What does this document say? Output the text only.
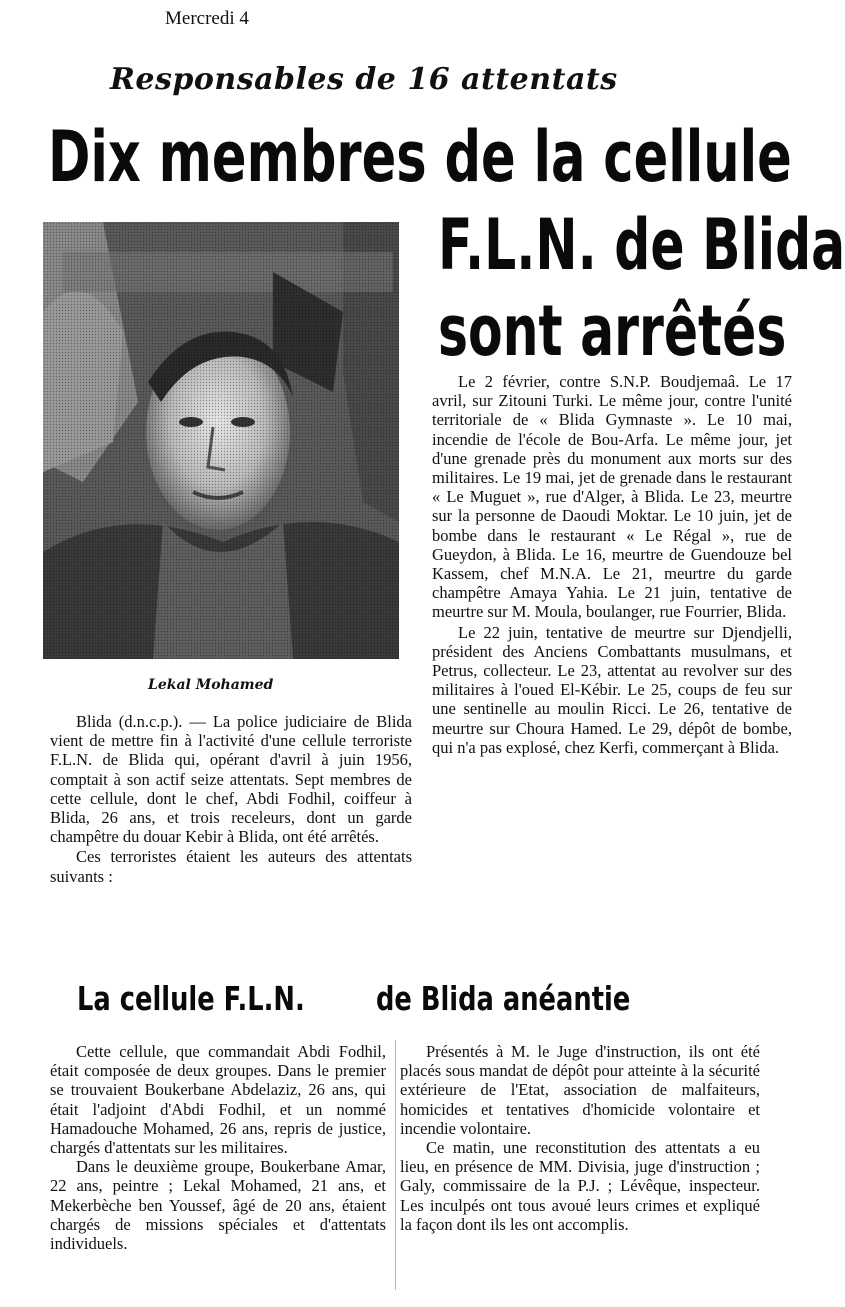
Mercredi 4
Responsables de 16 attentats
Dix membres de la cellule
F.L.N. de Blida
sont arrêtés
Lekal Mohamed

Blida (d.n.c.p.). — La police judiciaire de Blida vient de mettre fin à l'activité d'une cellule terroriste F.L.N. de Blida qui, opérant d'avril à juin 1956, comptait à son actif seize attentats. Sept membres de cette cellule, dont le chef, Abdi Fodhil, coiffeur à Blida, 26 ans, et trois receleurs, dont un garde champêtre du douar Kebir à Blida, ont été arrêtés.

Ces terroristes étaient les auteurs des attentats suivants :

Le 2 février, contre S.N.P. Boudjemaâ. Le 17 avril, sur Zitouni Turki. Le même jour, contre l'unité territoriale de « Blida Gymnaste ». Le 10 mai, incendie de l'école de Bou-Arfa. Le même jour, jet d'une grenade près du monument aux morts sur des militaires. Le 19 mai, jet de grenade dans le restaurant « Le Muguet », rue d'Alger, à Blida. Le 23, meurtre sur la personne de Daoudi Moktar. Le 10 juin, jet de bombe dans le restaurant « Le Régal », rue de Gueydon, à Blida. Le 16, meurtre de Guendouze bel Kassem, chef M.N.A. Le 21, meurtre du garde champêtre Amaya Yahia. Le 21 juin, tentative de meurtre sur M. Moula, boulanger, rue Fourrier, Blida.

Le 22 juin, tentative de meurtre sur Djendjelli, président des Anciens Combattants musulmans, et Petrus, collecteur. Le 23, attentat au revolver sur des militaires à l'oued El-Kébir. Le 25, coups de feu sur une sentinelle au moulin Ricci. Le 26, tentative de meurtre sur Choura Hamed. Le 29, dépôt de bombe, qui n'a pas explosé, chez Kerfi, commerçant à Blida.

La cellule F.L.N. de Blida anéantie

Cette cellule, que commandait Abdi Fodhil, était composée de deux groupes. Dans le premier se trouvaient Boukerbane Abdelaziz, 26 ans, qui était l'adjoint d'Abdi Fodhil, et un nommé Hamadouche Mohamed, 26 ans, repris de justice, chargés d'attentats sur les militaires.

Dans le deuxième groupe, Boukerbane Amar, 22 ans, peintre ; Lekal Mohamed, 21 ans, et Mekerbèche ben Youssef, âgé de 20 ans, étaient chargés de missions spéciales et d'attentats individuels.

Présentés à M. le Juge d'instruction, ils ont été placés sous mandat de dépôt pour atteinte à la sécurité extérieure de l'Etat, association de malfaiteurs, homicides et tentatives d'homicide volontaire et incendie volontaire.

Ce matin, une reconstitution des attentats a eu lieu, en présence de MM. Divisia, juge d'instruction ; Galy, commissaire de la P.J. ; Lévêque, inspecteur. Les inculpés ont tous avoué leurs crimes et expliqué la façon dont ils les ont accomplis.
